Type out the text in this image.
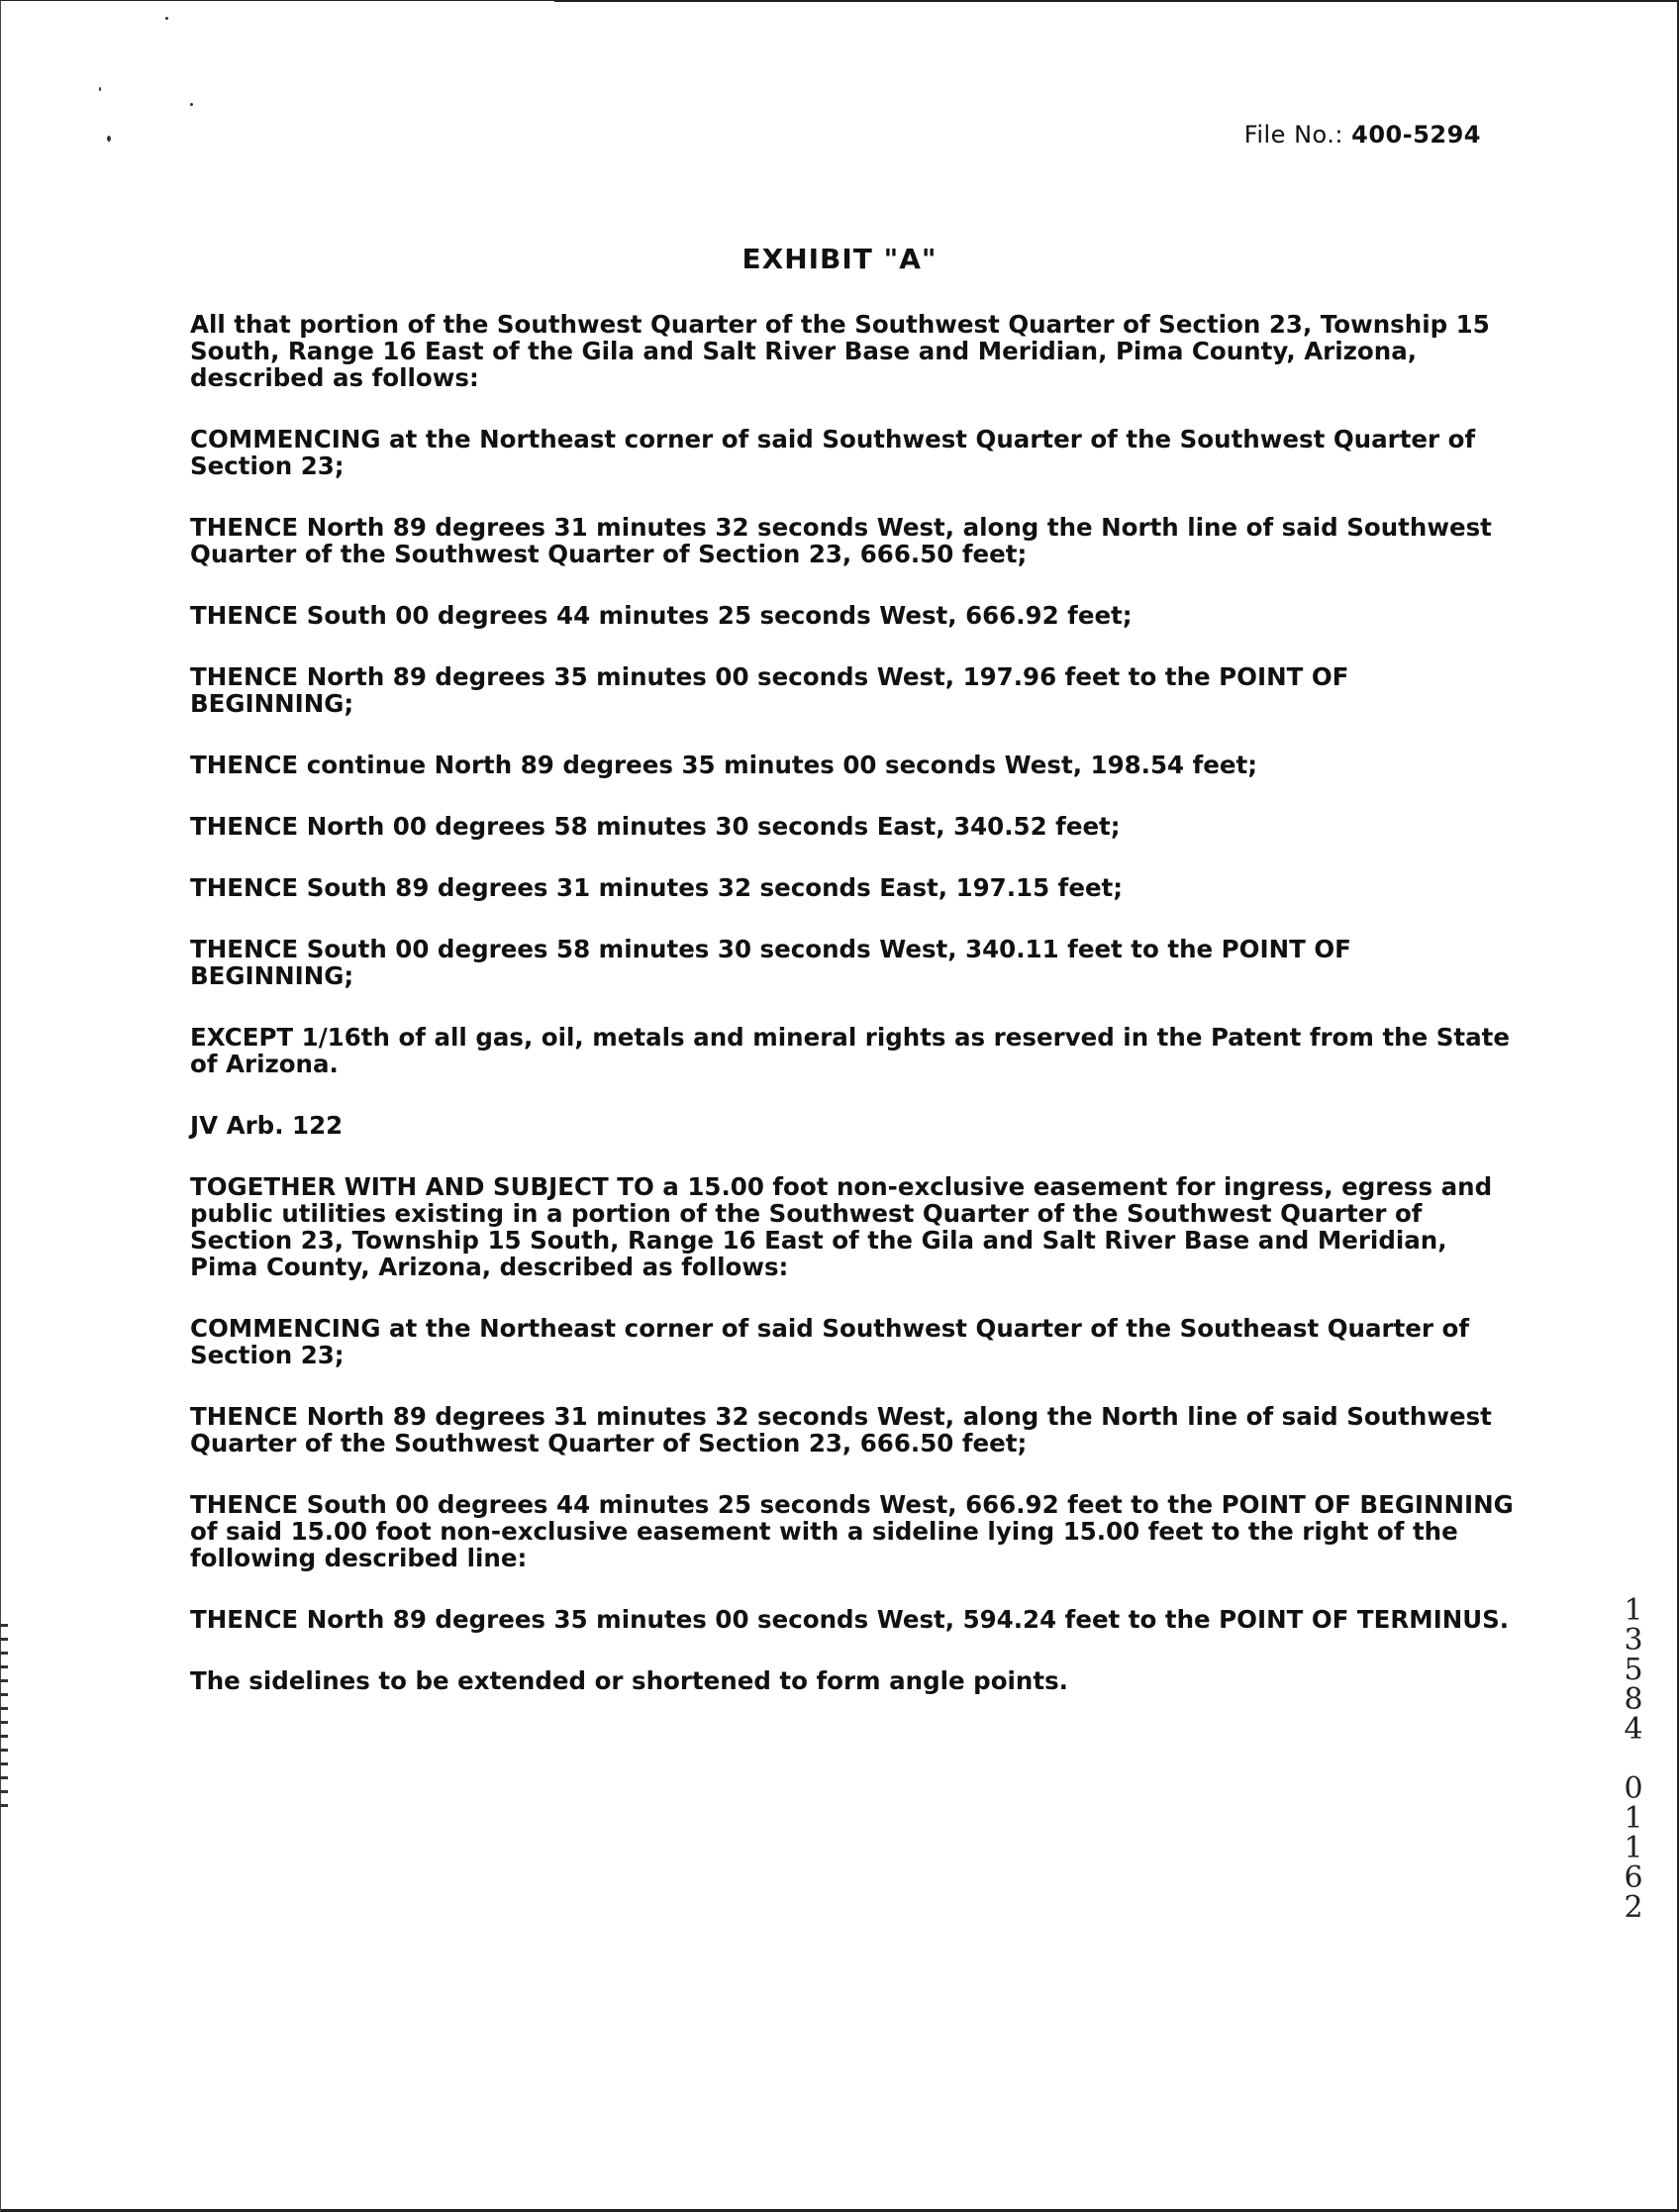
File No.: 400-5294
EXHIBIT "A"

All that portion of the Southwest Quarter of the Southwest Quarter of Section 23, Township 15 South, Range 16 East of the Gila and Salt River Base and Meridian, Pima County, Arizona, described as follows:

COMMENCING at the Northeast corner of said Southwest Quarter of the Southwest Quarter of Section 23;

THENCE North 89 degrees 31 minutes 32 seconds West, along the North line of said Southwest Quarter of the Southwest Quarter of Section 23, 666.50 feet;

THENCE South 00 degrees 44 minutes 25 seconds West, 666.92 feet;

THENCE North 89 degrees 35 minutes 00 seconds West, 197.96 feet to the POINT OF BEGINNING;

THENCE continue North 89 degrees 35 minutes 00 seconds West, 198.54 feet;

THENCE North 00 degrees 58 minutes 30 seconds East, 340.52 feet;

THENCE South 89 degrees 31 minutes 32 seconds East, 197.15 feet;

THENCE South 00 degrees 58 minutes 30 seconds West, 340.11 feet to the POINT OF BEGINNING;

EXCEPT 1/16th of all gas, oil, metals and mineral rights as reserved in the Patent from the State of Arizona.

JV Arb. 122

TOGETHER WITH AND SUBJECT TO a 15.00 foot non-exclusive easement for ingress, egress and public utilities existing in a portion of the Southwest Quarter of the Southwest Quarter of Section 23, Township 15 South, Range 16 East of the Gila and Salt River Base and Meridian, Pima County, Arizona, described as follows:

COMMENCING at the Northeast corner of said Southwest Quarter of the Southeast Quarter of Section 23;

THENCE North 89 degrees 31 minutes 32 seconds West, along the North line of said Southwest Quarter of the Southwest Quarter of Section 23, 666.50 feet;

THENCE South 00 degrees 44 minutes 25 seconds West, 666.92 feet to the POINT OF BEGINNING of said 15.00 foot non-exclusive easement with a sideline lying 15.00 feet to the right of the following described line:

THENCE North 89 degrees 35 minutes 00 seconds West, 594.24 feet to the POINT OF TERMINUS.

The sidelines to be extended or shortened to form angle points.

1
3
5
8
4

0
1
1
6
2
